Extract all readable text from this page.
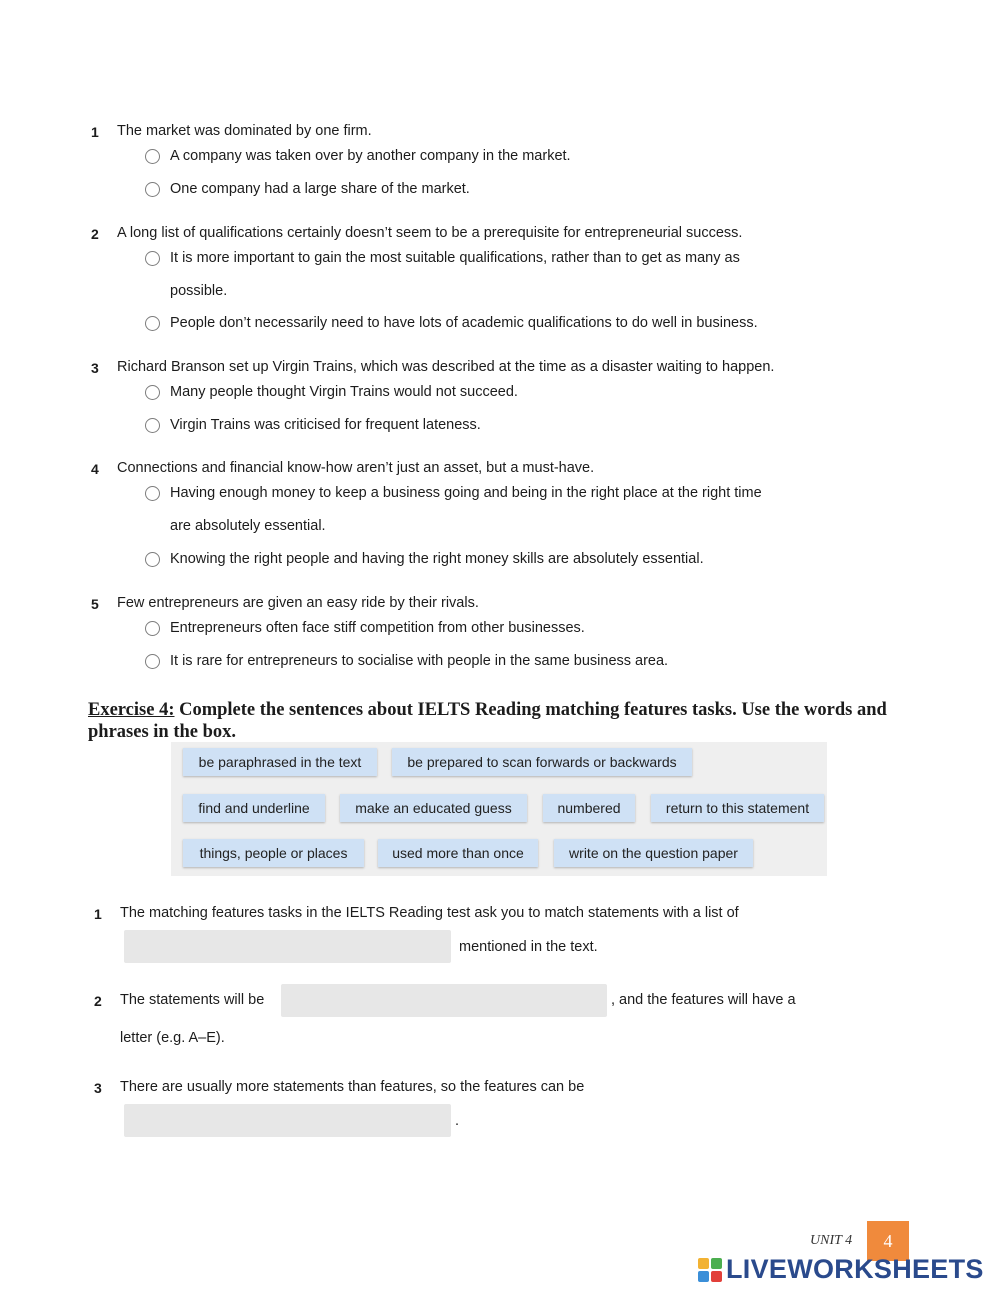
1 The market was dominated by one firm.
A company was taken over by another company in the market.
One company had a large share of the market.
2 A long list of qualifications certainly doesn’t seem to be a prerequisite for entrepreneurial success.
It is more important to gain the most suitable qualifications, rather than to get as many as
possible.
People don’t necessarily need to have lots of academic qualifications to do well in business.
3 Richard Branson set up Virgin Trains, which was described at the time as a disaster waiting to happen.
Many people thought Virgin Trains would not succeed.
Virgin Trains was criticised for frequent lateness.
4 Connections and financial know-how aren’t just an asset, but a must-have.
Having enough money to keep a business going and being in the right place at the right time
are absolutely essential.
Knowing the right people and having the right money skills are absolutely essential.
5 Few entrepreneurs are given an easy ride by their rivals.
Entrepreneurs often face stiff competition from other businesses.
It is rare for entrepreneurs to socialise with people in the same business area.
Exercise 4: Complete the sentences about IELTS Reading matching features tasks. Use the words and phrases in the box.
be paraphrased in the text	be prepared to scan forwards or backwards
find and underline	make an educated guess	numbered	return to this statement
things, people or places	used more than once	write on the question paper
1 The matching features tasks in the IELTS Reading test ask you to match statements with a list of
mentioned in the text.
2 The statements will be	, and the features will have a
letter (e.g. A–E).
3 There are usually more statements than features, so the features can be
.
UNIT 4	4
LIVEWORKSHEETS
